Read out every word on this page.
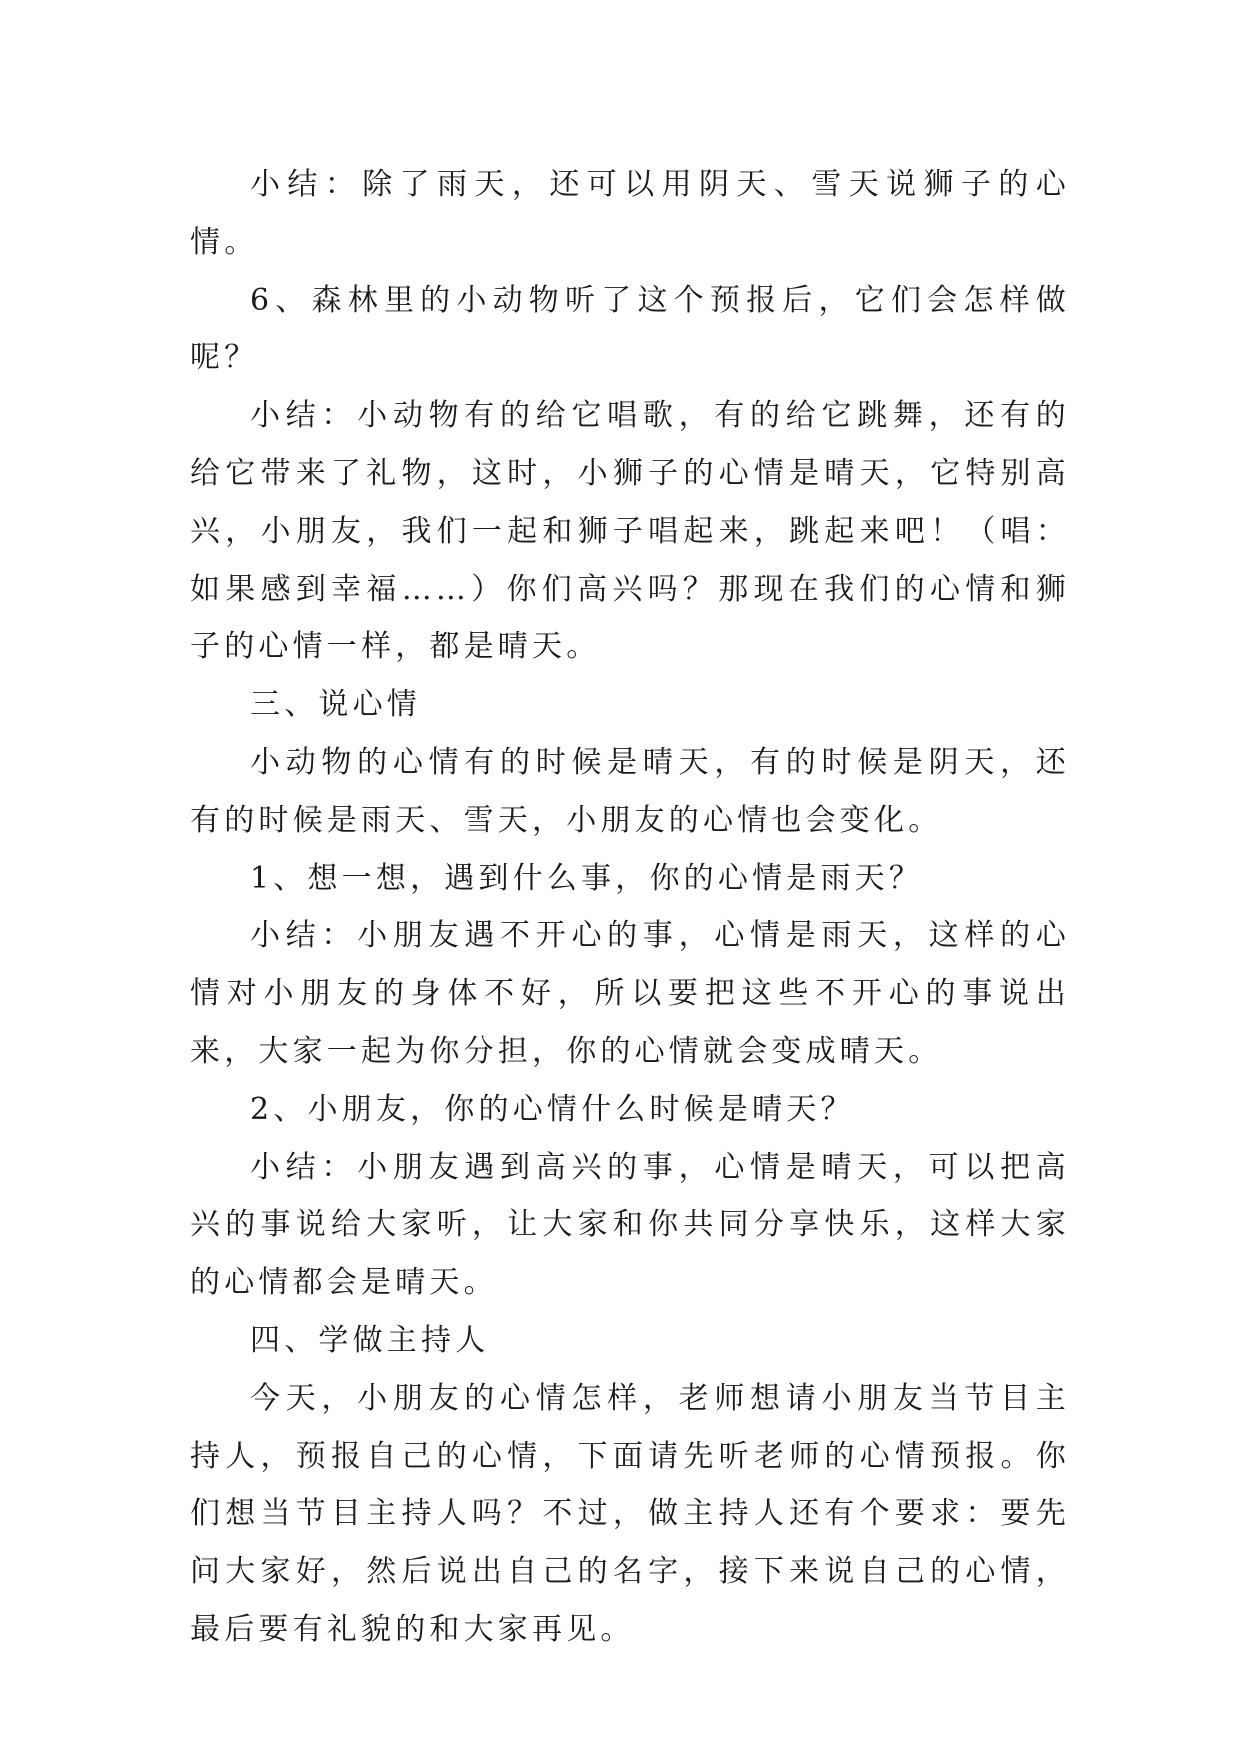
小结：除了雨天，还可以用阴天、雪天说狮子的心情。

6、森林里的小动物听了这个预报后，它们会怎样做呢？

小结：小动物有的给它唱歌，有的给它跳舞，还有的给它带来了礼物，这时，小狮子的心情是晴天，它特别高兴，小朋友，我们一起和狮子唱起来，跳起来吧！（唱：如果感到幸福……）你们高兴吗？那现在我们的心情和狮子的心情一样，都是晴天。

三、说心情

小动物的心情有的时候是晴天，有的时候是阴天，还有的时候是雨天、雪天，小朋友的心情也会变化。

1、想一想，遇到什么事，你的心情是雨天？

小结：小朋友遇不开心的事，心情是雨天，这样的心情对小朋友的身体不好，所以要把这些不开心的事说出来，大家一起为你分担，你的心情就会变成晴天。

2、小朋友，你的心情什么时候是晴天？

小结：小朋友遇到高兴的事，心情是晴天，可以把高兴的事说给大家听，让大家和你共同分享快乐，这样大家的心情都会是晴天。

四、学做主持人

今天，小朋友的心情怎样，老师想请小朋友当节目主持人，预报自己的心情，下面请先听老师的心情预报。你们想当节目主持人吗？不过，做主持人还有个要求：要先问大家好，然后说出自己的名字，接下来说自己的心情，最后要有礼貌的和大家再见。
